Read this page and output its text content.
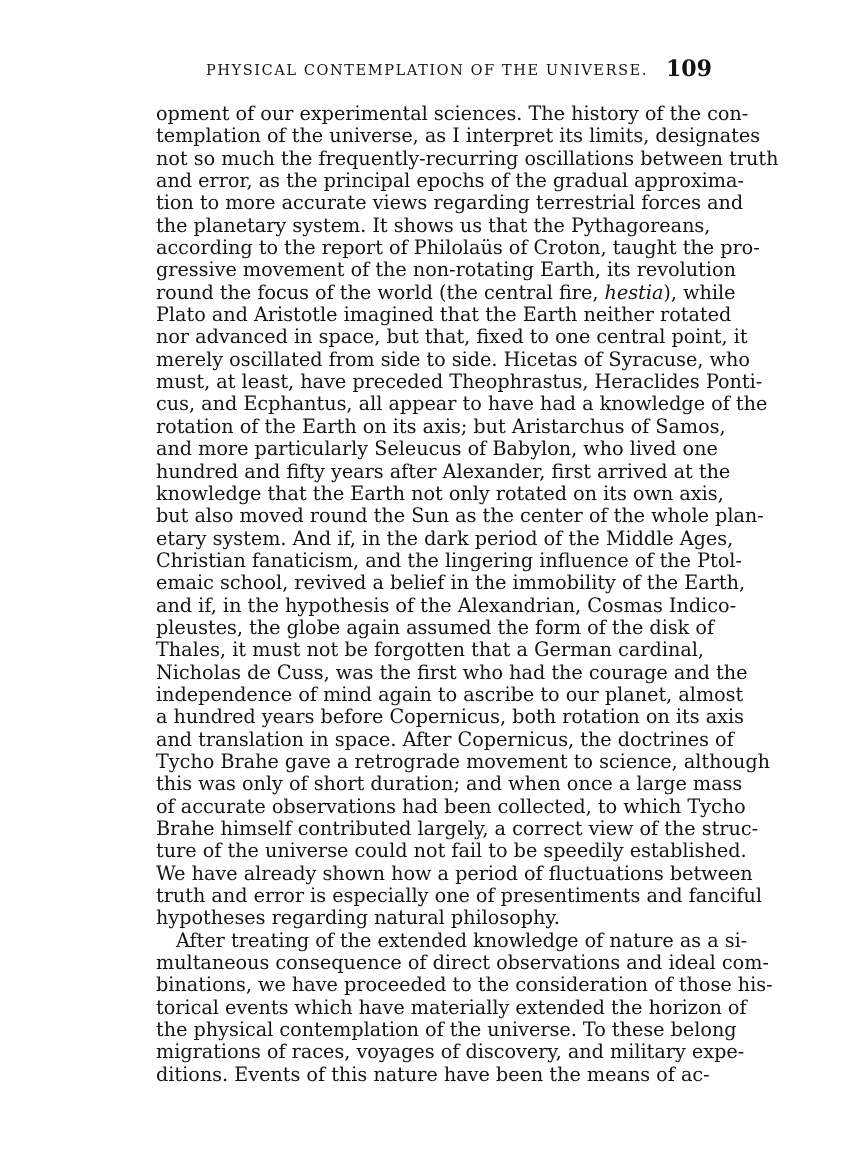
PHYSICAL CONTEMPLATION OF THE UNIVERSE. 109
opment of our experimental sciences. The history of the con-
templation of the universe, as I interpret its limits, designates
not so much the frequently-recurring oscillations between truth
and error, as the principal epochs of the gradual approxima-
tion to more accurate views regarding terrestrial forces and
the planetary system. It shows us that the Pythagoreans,
according to the report of Philolaüs of Croton, taught the pro-
gressive movement of the non-rotating Earth, its revolution
round the focus of the world (the central fire, hestia), while
Plato and Aristotle imagined that the Earth neither rotated
nor advanced in space, but that, fixed to one central point, it
merely oscillated from side to side. Hicetas of Syracuse, who
must, at least, have preceded Theophrastus, Heraclides Ponti-
cus, and Ecphantus, all appear to have had a knowledge of the
rotation of the Earth on its axis; but Aristarchus of Samos,
and more particularly Seleucus of Babylon, who lived one
hundred and fifty years after Alexander, first arrived at the
knowledge that the Earth not only rotated on its own axis,
but also moved round the Sun as the center of the whole plan-
etary system. And if, in the dark period of the Middle Ages,
Christian fanaticism, and the lingering influence of the Ptol-
emaic school, revived a belief in the immobility of the Earth,
and if, in the hypothesis of the Alexandrian, Cosmas Indico-
pleustes, the globe again assumed the form of the disk of
Thales, it must not be forgotten that a German cardinal,
Nicholas de Cuss, was the first who had the courage and the
independence of mind again to ascribe to our planet, almost
a hundred years before Copernicus, both rotation on its axis
and translation in space. After Copernicus, the doctrines of
Tycho Brahe gave a retrograde movement to science, although
this was only of short duration; and when once a large mass
of accurate observations had been collected, to which Tycho
Brahe himself contributed largely, a correct view of the struc-
ture of the universe could not fail to be speedily established.
We have already shown how a period of fluctuations between
truth and error is especially one of presentiments and fanciful
hypotheses regarding natural philosophy.
After treating of the extended knowledge of nature as a si-
multaneous consequence of direct observations and ideal com-
binations, we have proceeded to the consideration of those his-
torical events which have materially extended the horizon of
the physical contemplation of the universe. To these belong
migrations of races, voyages of discovery, and military expe-
ditions. Events of this nature have been the means of ac-
